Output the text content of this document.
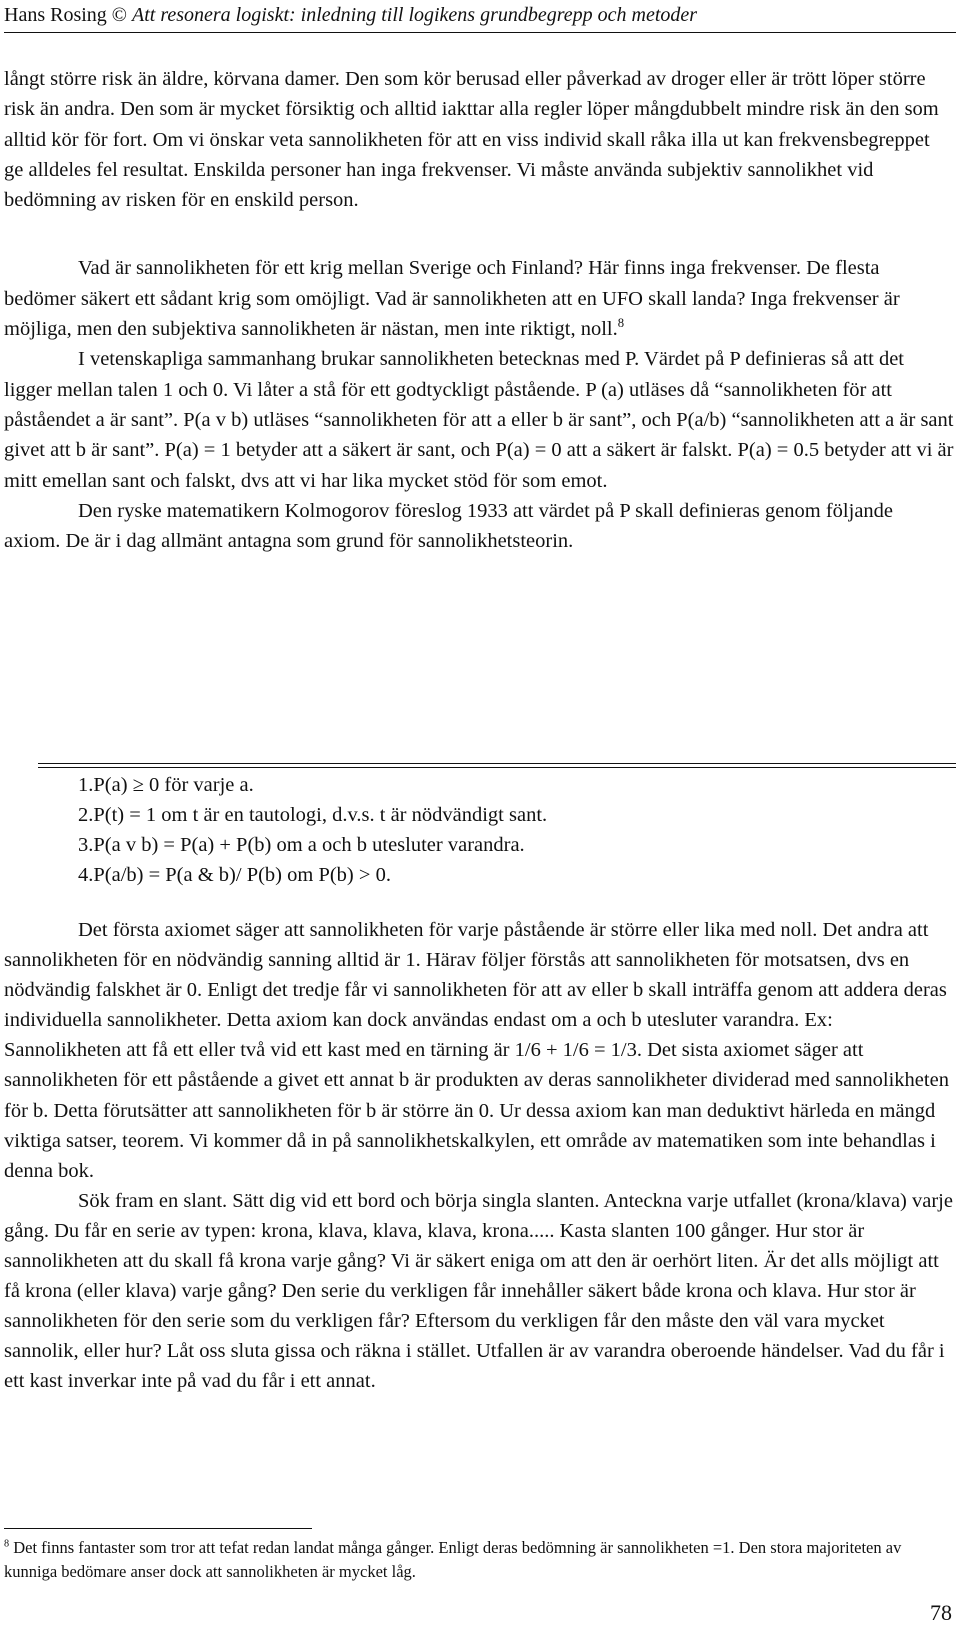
Hans Rosing © Att resonera logiskt: inledning till logikens grundbegrepp och metoder

långt större risk än äldre, körvana damer. Den som kör berusad eller påverkad av droger eller är trött löper större risk än andra. Den som är mycket försiktig och alltid iakttar alla regler löper mångdubbelt mindre risk än den som alltid kör för fort. Om vi önskar veta sannolikheten för att en viss individ skall råka illa ut kan frekvensbegreppet ge alldeles fel resultat. Enskilda personer han inga frekvenser. Vi måste använda subjektiv sannolikhet vid bedömning av risken för en enskild person.

Vad är sannolikheten för ett krig mellan Sverige och Finland? Här finns inga frekvenser. De flesta bedömer säkert ett sådant krig som omöjligt. Vad är sannolikheten att en UFO skall landa? Inga frekvenser är möjliga, men den subjektiva sannolikheten är nästan, men inte riktigt, noll.$^8$

I vetenskapliga sammanhang brukar sannolikheten betecknas med P. Värdet på P definieras så att det ligger mellan talen 1 och 0. Vi låter a stå för ett godtyckligt påstående. P (a) utläses då “sannolikheten för att påståendet a är sant”. P(a v b) utläses “sannolikheten för att a eller b är sant”, och P(a/b) “sannolikheten att a är sant givet att b är sant”. P(a) = 1 betyder att a säkert är sant, och P(a) = 0 att a säkert är falskt. P(a) = 0.5 betyder att vi är mitt emellan sant och falskt, dvs att vi har lika mycket stöd för som emot.

Den ryske matematikern Kolmogorov föreslog 1933 att värdet på P skall definieras genom följande axiom. De är i dag allmänt antagna som grund för sannolikhetsteorin.

1.P(a) ≥ 0 för varje a.
2.P(t) = 1 om t är en tautologi, d.v.s. t är nödvändigt sant.
3.P(a v b) = P(a) + P(b) om a och b utesluter varandra.
4.P(a/b) = P(a & b)/ P(b) om P(b) > 0.

Det första axiomet säger att sannolikheten för varje påstående är större eller lika med noll. Det andra att sannolikheten för en nödvändig sanning alltid är 1. Härav följer förstås att sannolikheten för motsatsen, dvs en nödvändig falskhet är 0. Enligt det tredje får vi sannolikheten för att av eller b skall inträffa genom att addera deras individuella sannolikheter. Detta axiom kan dock användas endast om a och b utesluter varandra. Ex: Sannolikheten att få ett eller två vid ett kast med en tärning är 1/6 + 1/6 = 1/3. Det sista axiomet säger att sannolikheten för ett påstående a givet ett annat b är produkten av deras sannolikheter dividerad med sannolikheten för b. Detta förutsätter att sannolikheten för b är större än 0. Ur dessa axiom kan man deduktivt härleda en mängd viktiga satser, teorem. Vi kommer då in på sannolikhetskalkylen, ett område av matematiken som inte behandlas i denna bok.

Sök fram en slant. Sätt dig vid ett bord och börja singla slanten. Anteckna varje utfallet (krona/klava) varje gång. Du får en serie av typen: krona, klava, klava, klava, krona..... Kasta slanten 100 gånger. Hur stor är sannolikheten att du skall få krona varje gång? Vi är säkert eniga om att den är oerhört liten. Är det alls möjligt att få krona (eller klava) varje gång? Den serie du verkligen får innehåller säkert både krona och klava. Hur stor är sannolikheten för den serie som du verkligen får? Eftersom du verkligen får den måste den väl vara mycket sannolik, eller hur? Låt oss sluta gissa och räkna i stället. Utfallen är av varandra oberoende händelser. Vad du får i ett kast inverkar inte på vad du får i ett annat.

$^8$ Det finns fantaster som tror att tefat redan landat många gånger. Enligt deras bedömning är sannolikheten =1. Den stora majoriteten av kunniga bedömare anser dock att sannolikheten är mycket låg.
78
